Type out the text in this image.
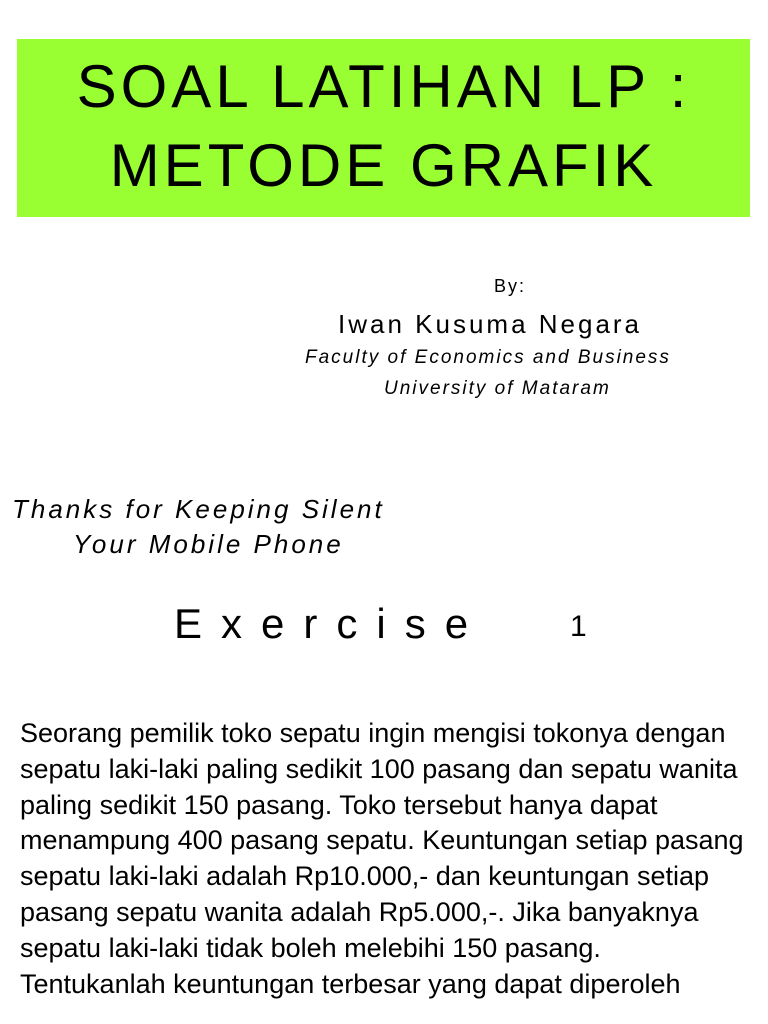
SOAL LATIHAN LP :
METODE GRAFIK
By:
Iwan Kusuma Negara
Faculty of Economics and Business
University of Mataram
Thanks for Keeping Silent
Your Mobile Phone
Exercise	1

Seorang pemilik toko sepatu ingin mengisi tokonya dengan sepatu laki-laki paling sedikit 100 pasang dan sepatu wanita paling sedikit 150 pasang. Toko tersebut hanya dapat menampung 400 pasang sepatu. Keuntungan setiap pasang sepatu laki-laki adalah Rp10.000,- dan keuntungan setiap pasang sepatu wanita adalah Rp5.000,-. Jika banyaknya sepatu laki-laki tidak boleh melebihi 150 pasang.

Tentukanlah keuntungan terbesar yang dapat diperoleh
